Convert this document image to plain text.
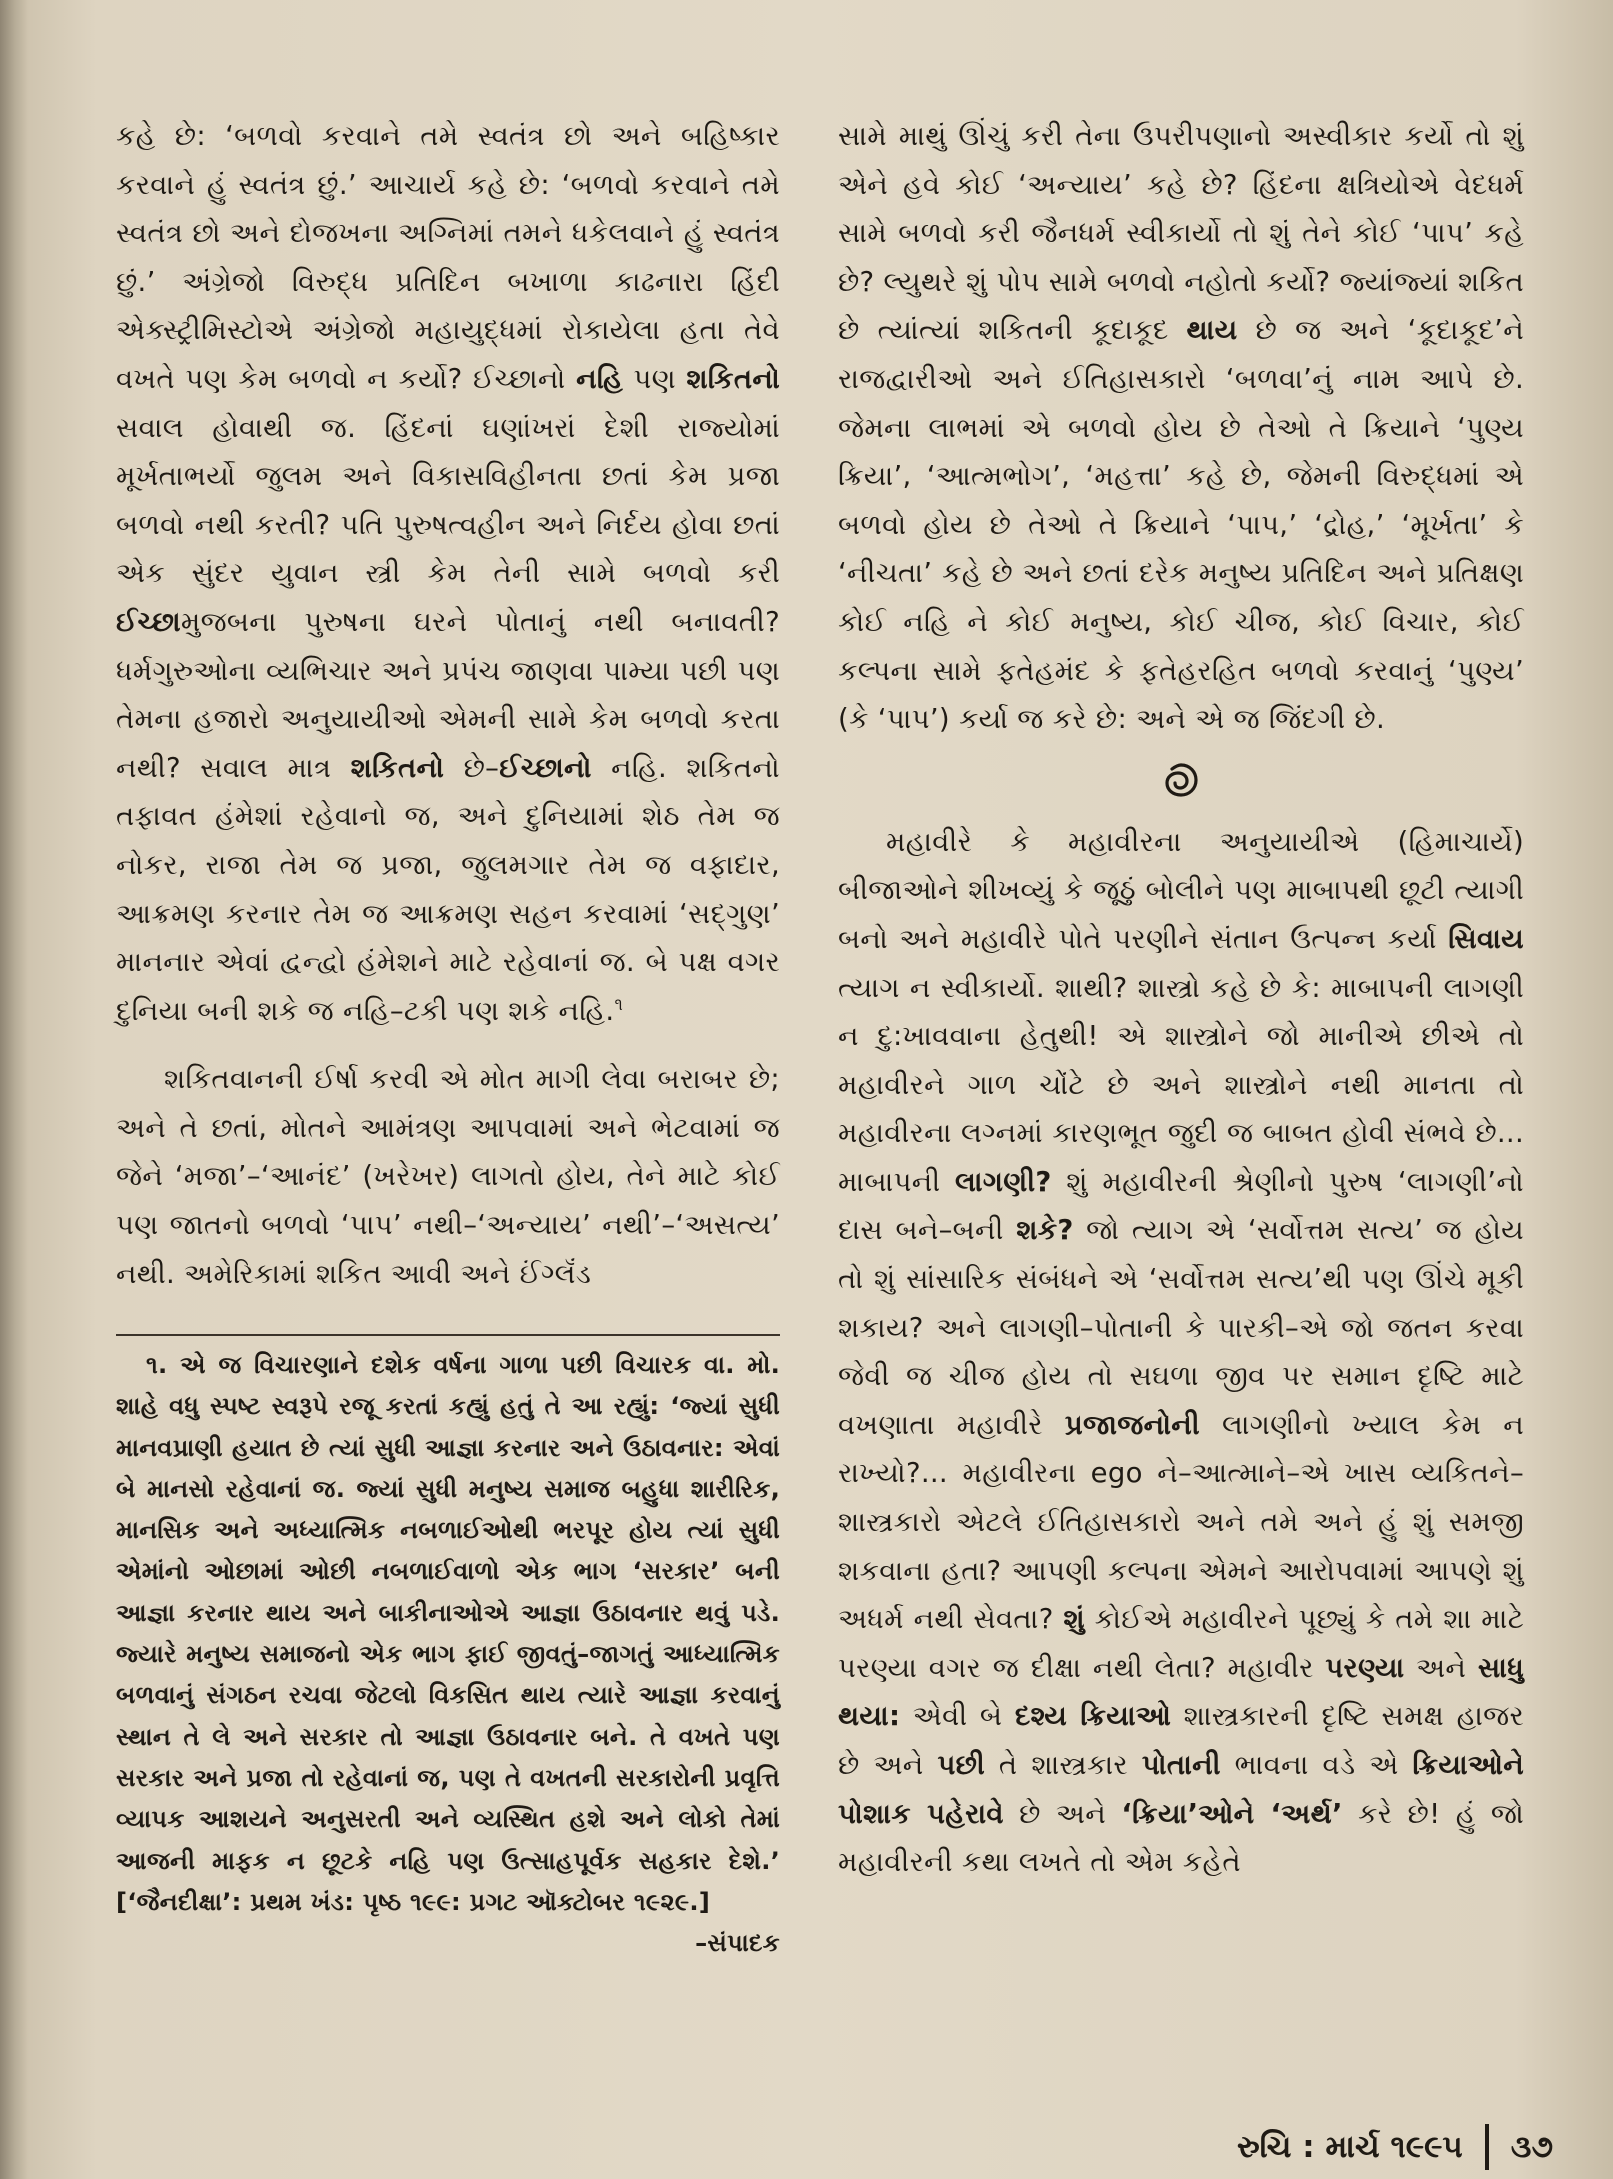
કહે છે: ‘બળવો કરવાને તમે સ્વતંત્ર છો અને બહિષ્કાર કરવાને હું સ્વતંત્ર છું.’ આચાર્ય કહે છે: ‘બળવો કરવાને તમે સ્વતંત્ર છો અને દોજખના અગ્નિમાં તમને ધકેલવાને હું સ્વતંત્ર છું.’ અંગ્રેજો વિરુદ્ધ પ્રતિદિન બખાળા કાઢનારા હિંદી એક્સ્ટ્રીમિસ્ટોએ અંગ્રેજો મહાયુદ્ધમાં રોકાયેલા હતા તેવે વખતે પણ કેમ બળવો ન કર્યો? ઈચ્છાનો નહિ પણ શકિતનો સવાલ હોવાથી જ. હિંદનાં ઘણાંખરાં દેશી રાજ્યોમાં મૂર્ખતાભર્યો જુલમ અને વિકાસવિહીનતા છતાં કેમ પ્રજા બળવો નથી કરતી? પતિ પુરુષત્વહીન અને નિર્દય હોવા છતાં એક સુંદર યુવાન સ્ત્રી કેમ તેની સામે બળવો કરી ઈચ્છામુજબના પુરુષના ઘરને પોતાનું નથી બનાવતી? ધર્મગુરુઓના વ્યભિચાર અને પ્રપંચ જાણવા પામ્યા પછી પણ તેમના હજારો અનુયાયીઓ એમની સામે કેમ બળવો કરતા નથી? સવાલ માત્ર શકિતનો છે–ઈચ્છાનો નહિ. શકિતનો તફાવત હંમેશાં રહેવાનો જ, અને દુનિયામાં શેઠ તેમ જ નોકર, રાજા તેમ જ પ્રજા, જુલમગાર તેમ જ વફાદાર, આક્રમણ કરનાર તેમ જ આક્રમણ સહન કરવામાં ‘સદ્ગુણ’ માનનાર એવાં દ્વન્દ્વો હંમેશને માટે રહેવાનાં જ. બે પક્ષ વગર દુનિયા બની શકે જ નહિ–ટકી પણ શકે નહિ.$^૧$

શકિતવાનની ઈર્ષા કરવી એ મોત માગી લેવા બરાબર છે; અને તે છતાં, મોતને આમંત્રણ આપવામાં અને ભેટવામાં જ જેને ‘મજા’–‘આનંદ’ (ખરેખર) લાગતો હોય, તેને માટે કોઈ પણ જાતનો બળવો ‘પાપ’ નથી–‘અન્યાય’ નથી’–‘અસત્ય’ નથી. અમેરિકામાં શકિત આવી અને ઈંગ્લૅંડ

૧. એ જ વિચારણાને દશેક વર્ષના ગાળા પછી વિચારક વા. મો. શાહે વધુ સ્પષ્ટ સ્વરૂપે રજૂ કરતાં કહ્યું હતું તે આ રહ્યું: ‘જ્યાં સુધી માનવપ્રાણી હયાત છે ત્યાં સુધી આજ્ઞા કરનાર અને ઉઠાવનાર: એવાં બે માનસો રહેવાનાં જ. જ્યાં સુધી મનુષ્ય સમાજ બહુધા શારીરિક, માનસિક અને અધ્યાત્મિક નબળાઈઓથી ભરપૂર હોય ત્યાં સુધી એમાંનો ઓછામાં ઓછી નબળાઈવાળો એક ભાગ ‘સરકાર’ બની આજ્ઞા કરનાર થાય અને બાકીનાઓએ આજ્ઞા ઉઠાવનાર થવું પડે. જ્યારે મનુષ્ય સમાજનો એક ભાગ ફાઈ જીવતું–જાગતું આધ્યાત્મિક બળવાનું સંગઠન રચવા જેટલો વિકસિત થાય ત્યારે આજ્ઞા કરવાનું સ્થાન તે લે અને સરકાર તો આજ્ઞા ઉઠાવનાર બને. તે વખતે પણ સરકાર અને પ્રજા તો રહેવાનાં જ, પણ તે વખતની સરકારોની પ્રવૃત્તિ વ્યાપક આશયને અનુસરતી અને વ્યસ્થિત હશે અને લોકો તેમાં આજની માફક ન છૂટકે નહિ પણ ઉત્સાહપૂર્વક સહકાર દેશે.’ [‘જૈનદીક્ષા’: પ્રથમ ખંડ: પૃષ્ઠ ૧૯૯: પ્રગટ ઑક્ટોબર ૧૯૨૯.]
–સંપાદક

સામે માથું ઊંચું કરી તેના ઉપરીપણાનો અસ્વીકાર કર્યો તો શું એને હવે કોઈ ‘અન્યાય’ કહે છે? હિંદના ક્ષત્રિયોએ વેદધર્મ સામે બળવો કરી જૈનધર્મ સ્વીકાર્યો તો શું તેને કોઈ ‘પાપ’ કહે છે? લ્યુથરે શું પોપ સામે બળવો નહોતો કર્યો? જ્યાંજ્યાં શકિત છે ત્યાંત્યાં શકિતની કૂદાકૂદ થાય છે જ અને ‘કૂદાકૂદ’ને રાજદ્વારીઓ અને ઈતિહાસકારો ‘બળવા’નું નામ આપે છે. જેમના લાભમાં એ બળવો હોય છે તેઓ તે ક્રિયાને ‘પુણ્ય ક્રિયા’, ‘આત્મભોગ’, ‘મહત્તા’ કહે છે, જેમની વિરુદ્ધમાં એ બળવો હોય છે તેઓ તે ક્રિયાને ‘પાપ,’ ‘દ્રોહ,’ ‘મૂર્ખતા’ કે ‘નીચતા’ કહે છે અને છતાં દરેક મનુષ્ય પ્રતિદિન અને પ્રતિક્ષણ કોઈ નહિ ને કોઈ મનુષ્ય, કોઈ ચીજ, કોઈ વિચાર, કોઈ કલ્પના સામે ફતેહમંદ કે ફતેહરહિત બળવો કરવાનું ‘પુણ્ય’ (કે ‘પાપ’) કર્યા જ કરે છે: અને એ જ જિંદગી છે.

મહાવીરે કે મહાવીરના અનુયાયીએ (હિમાચાર્યે) બીજાઓને શીખવ્યું કે જૂઠું બોલીને પણ માબાપથી છૂટી ત્યાગી બનો અને મહાવીરે પોતે પરણીને સંતાન ઉત્પન્ન કર્યા સિવાય ત્યાગ ન સ્વીકાર્યો. શાથી? શાસ્ત્રો કહે છે કે: માબાપની લાગણી ન દુ:ખાવવાના હેતુથી! એ શાસ્ત્રોને જો માનીએ છીએ તો મહાવીરને ગાળ ચોંટે છે અને શાસ્ત્રોને નથી માનતા તો મહાવીરના લગ્નમાં કારણભૂત જુદી જ બાબત હોવી સંભવે છે... માબાપની લાગણી? શું મહાવીરની શ્રેણીનો પુરુષ ‘લાગણી’નો દાસ બને–બની શકે? જો ત્યાગ એ ‘સર્વોત્તમ સત્ય’ જ હોય તો શું સાંસારિક સંબંધને એ ‘સર્વોત્તમ સત્ય’થી પણ ઊંચે મૂકી શકાય? અને લાગણી–પોતાની કે પારકી–એ જો જતન કરવા જેવી જ ચીજ હોય તો સઘળા જીવ પર સમાન દૃષ્ટિ માટે વખણાતા મહાવીરે પ્રજાજનોની લાગણીનો ખ્યાલ કેમ ન રાખ્યો?... મહાવીરના ego ને–આત્માને–એ ખાસ વ્યકિતને–શાસ્ત્રકારો એટલે ઈતિહાસકારો અને તમે અને હું શું સમજી શકવાના હતા? આપણી કલ્પના એમને આરોપવામાં આપણે શું અધર્મ નથી સેવતા? શું કોઈએ મહાવીરને પૂછ્યું કે તમે શા માટે પરણ્યા વગર જ દીક્ષા નથી લેતા? મહાવીર પરણ્યા અને સાધુ થયા: એવી બે દશ્ય ક્રિયાઓ શાસ્ત્રકારની દૃષ્ટિ સમક્ષ હાજર છે અને પછી તે શાસ્ત્રકાર પોતાની ભાવના વડે એ ક્રિયાઓને પોશાક પહેરાવે છે અને ‘ક્રિયા’ઓને ‘અર્થ’ કરે છે! હું જો મહાવીરની કથા લખતે તો એમ કહેતે

રુચિ : માર્ચ ૧૯૯૫ ૩૭
